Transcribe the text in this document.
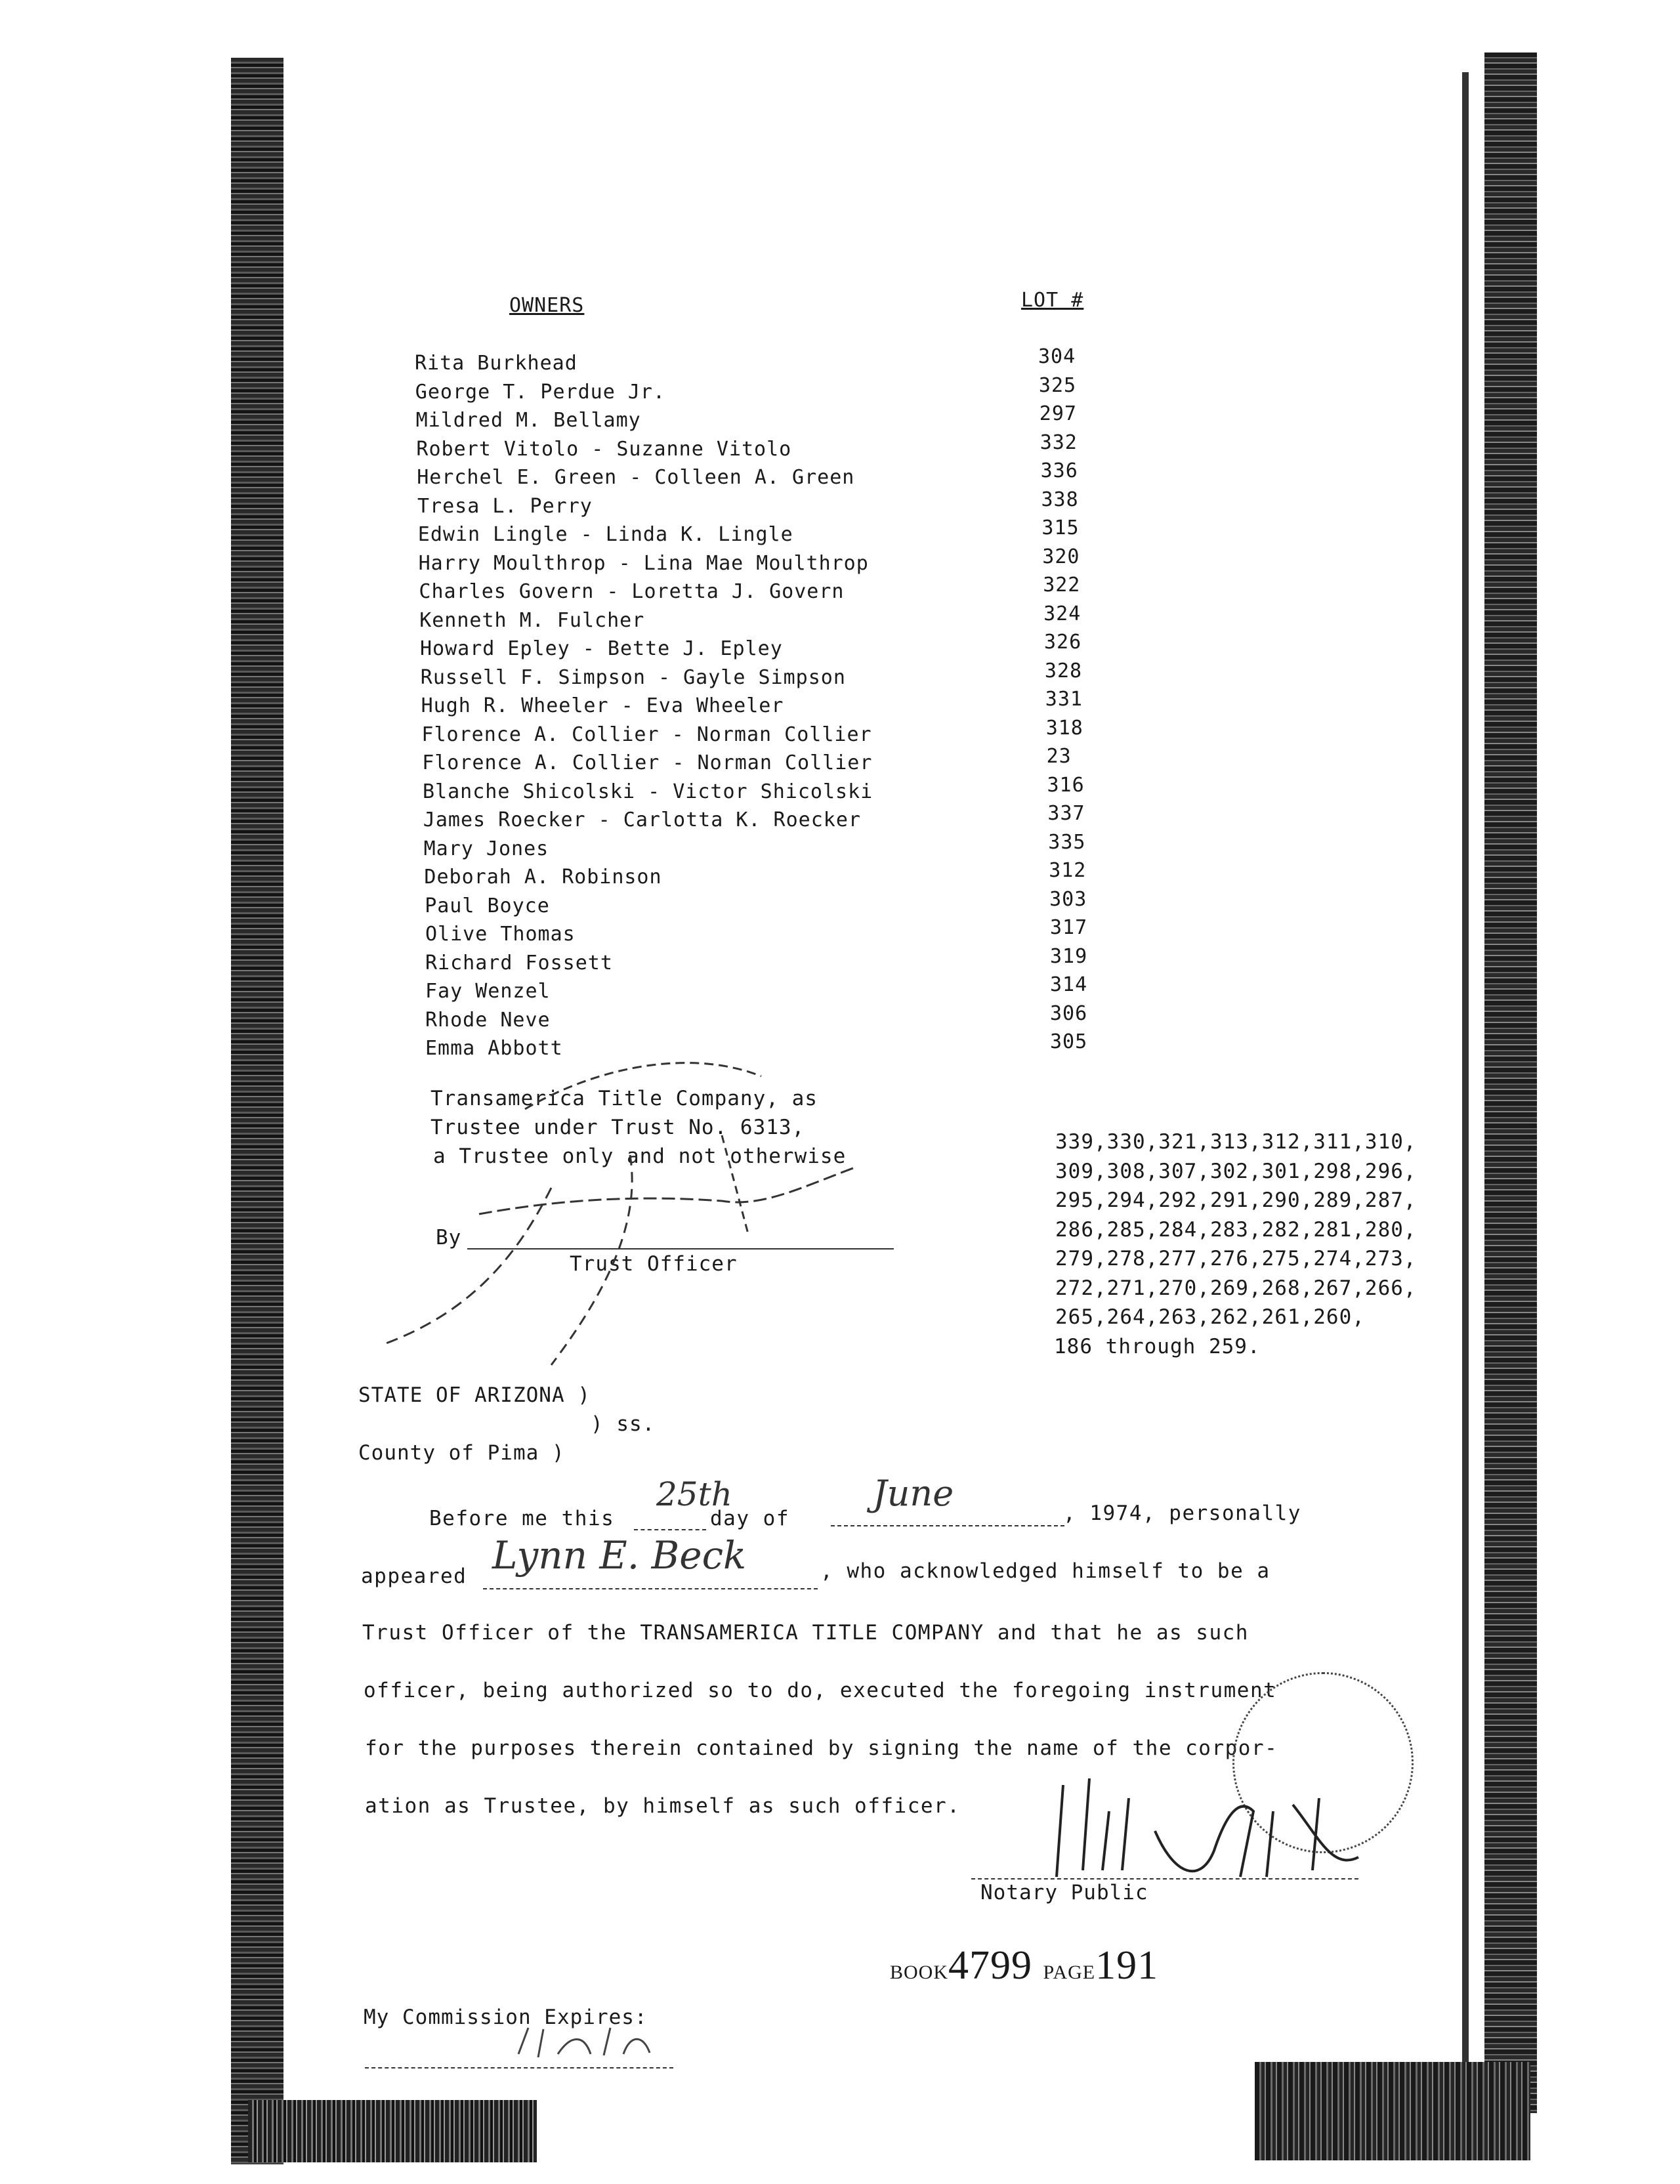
OWNERS	LOT #
Rita Burkhead	304
George T. Perdue Jr.	325
Mildred M. Bellamy	297
Robert Vitolo - Suzanne Vitolo	332
Herchel E. Green - Colleen A. Green	336
Tresa L. Perry	338
Edwin Lingle - Linda K. Lingle	315
Harry Moulthrop - Lina Mae Moulthrop	320
Charles Govern - Loretta J. Govern	322
Kenneth M. Fulcher	324
Howard Epley - Bette J. Epley	326
Russell F. Simpson - Gayle Simpson	328
Hugh R. Wheeler - Eva Wheeler	331
Florence A. Collier - Norman Collier	318
Florence A. Collier - Norman Collier	23
Blanche Shicolski - Victor Shicolski	316
James Roecker - Carlotta K. Roecker	337
Mary Jones	335
Deborah A. Robinson	312
Paul Boyce	303
Olive Thomas	317
Richard Fossett	319
Fay Wenzel	314
Rhode Neve	306
Emma Abbott	305
Transamerica Title Company, as
Trustee under Trust No. 6313,
a Trustee only and not otherwise
By
Trust Officer
339,330,321,313,312,311,310,
309,308,307,302,301,298,296,
295,294,292,291,290,289,287,
286,285,284,283,282,281,280,
279,278,277,276,275,274,273,
272,271,270,269,268,267,266,
265,264,263,262,261,260,
186 through 259.
STATE OF ARIZONA )
) ss.
County of Pima )
Before me this	day of	, 1974, personally
25th	June
appeared Lynn E. Beck	, who acknowledged himself to be a
Trust Officer of the TRANSAMERICA TITLE COMPANY and that he as such
officer, being authorized so to do, executed the foregoing instrument
for the purposes therein contained by signing the name of the corpor-
ation as Trustee, by himself as such officer.
Notary Public
BOOK4799 PAGE191
My Commission Expires:
